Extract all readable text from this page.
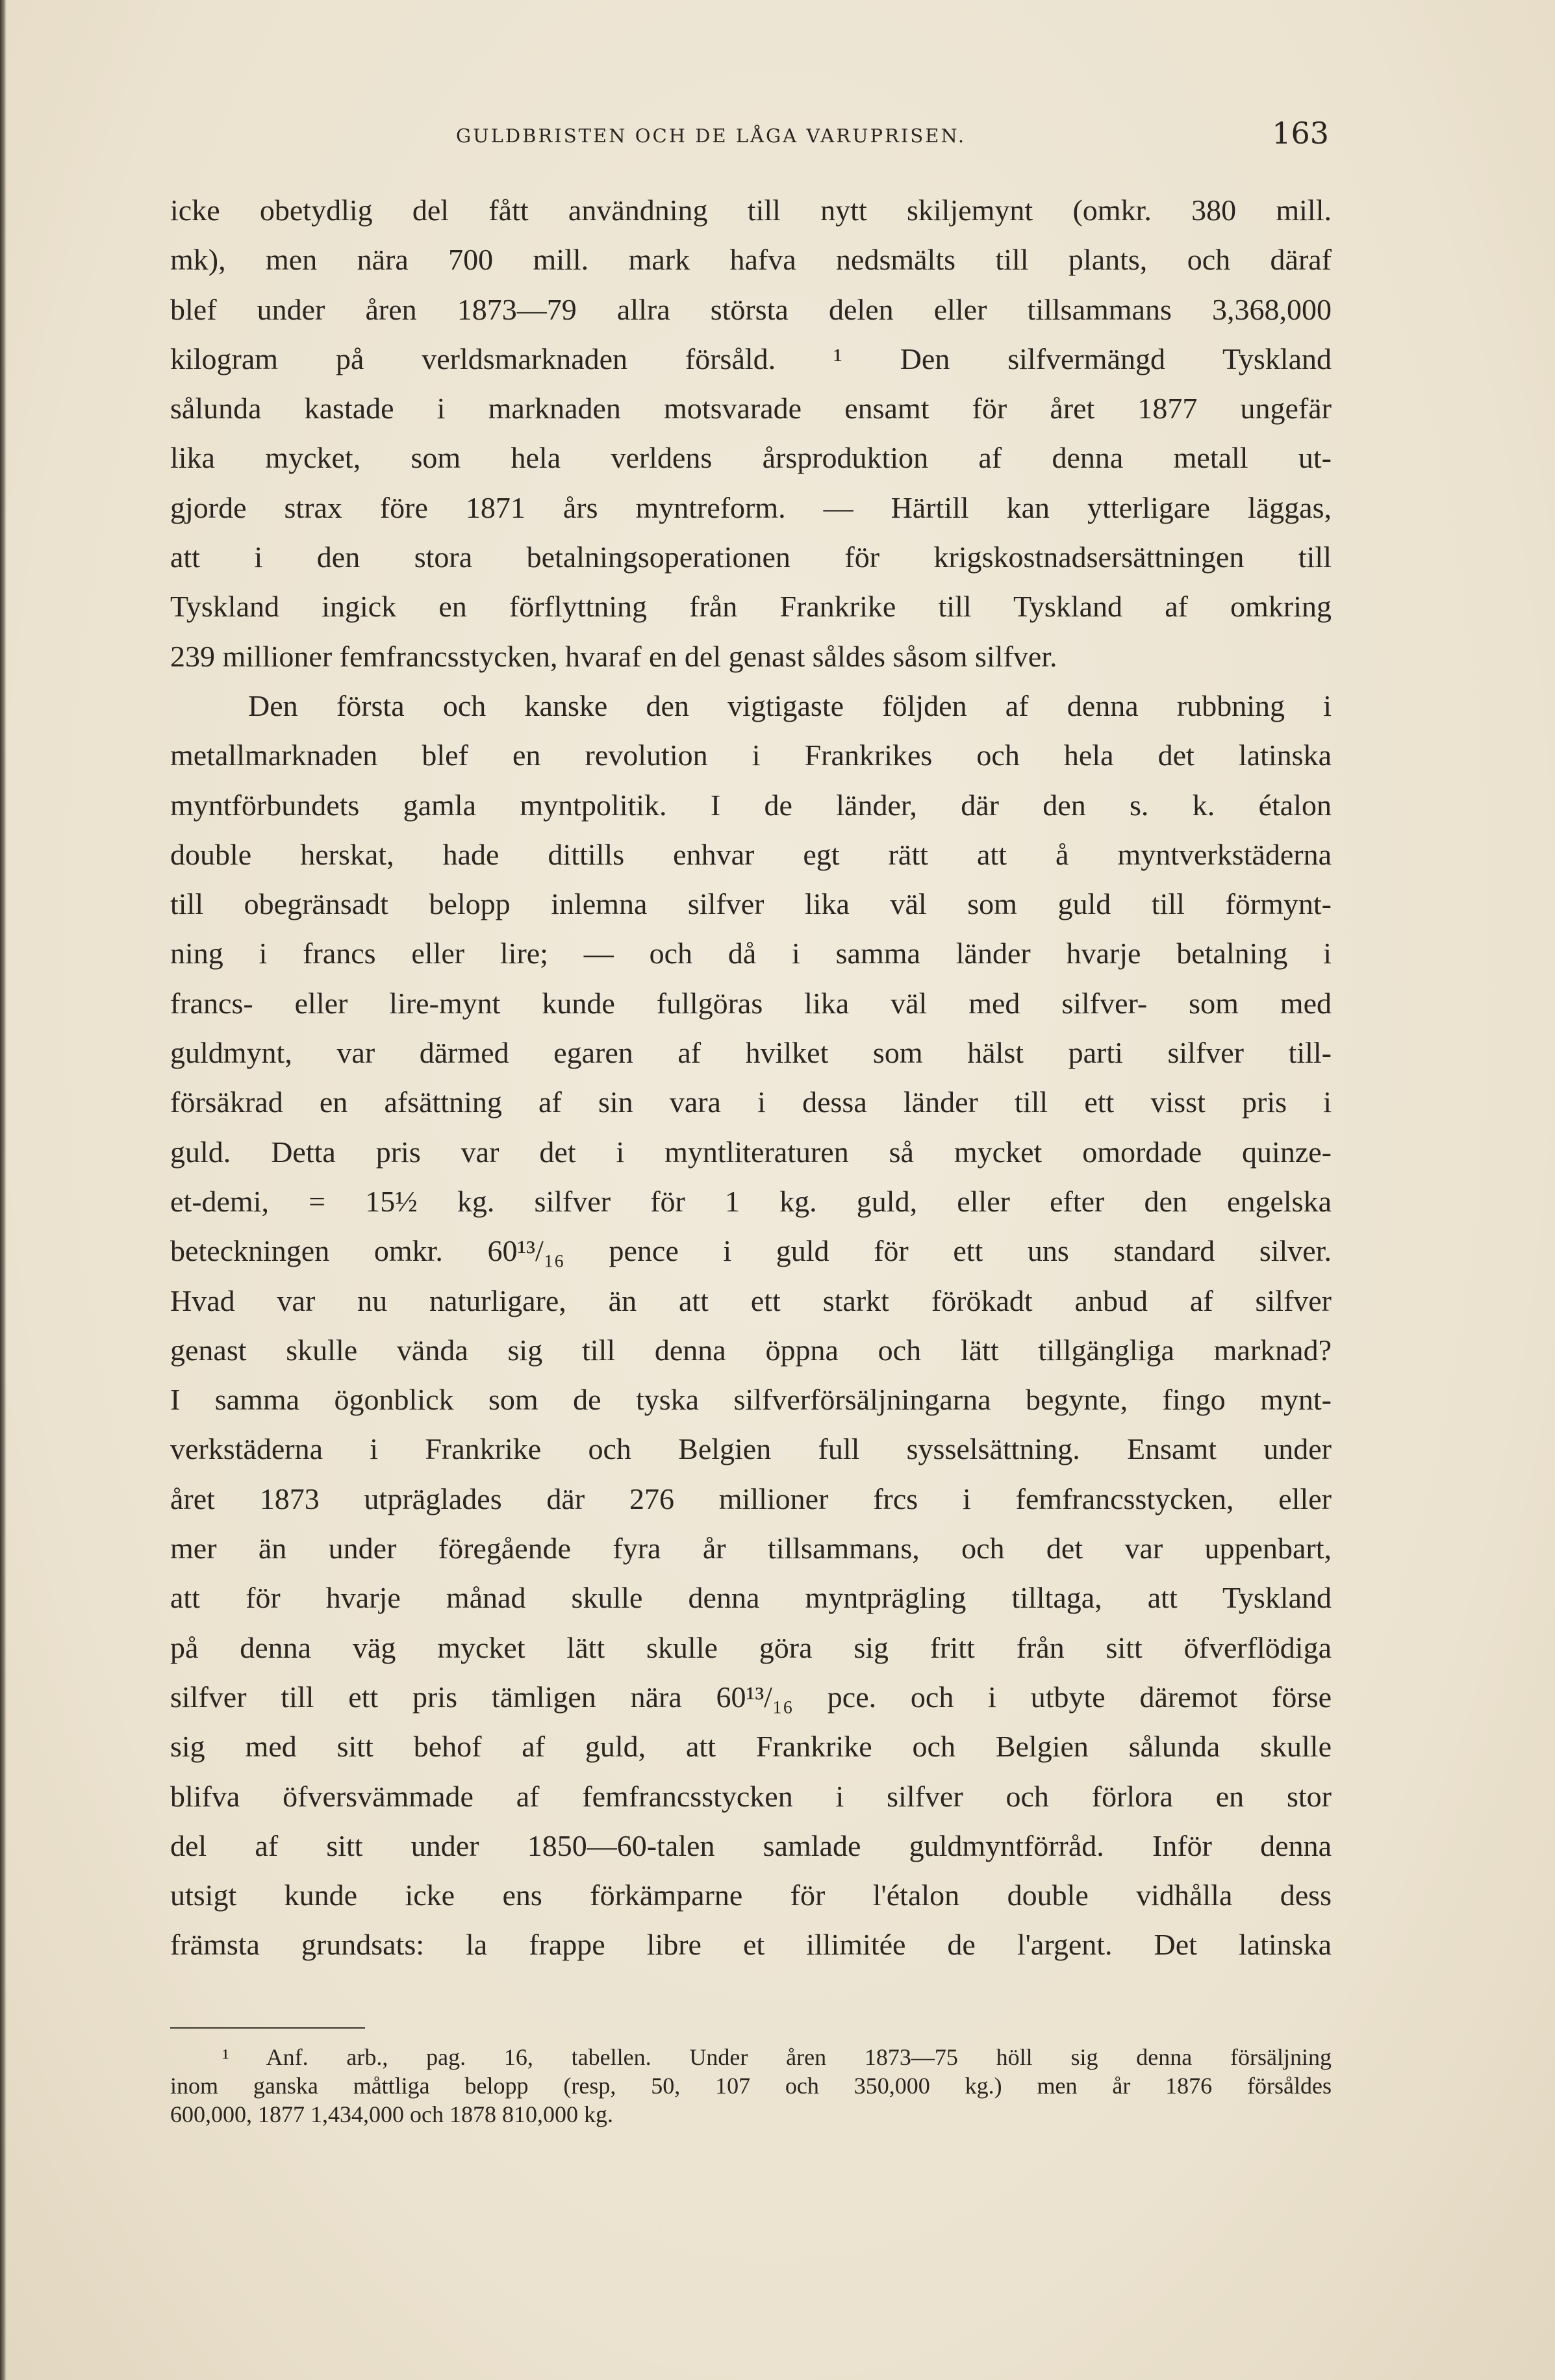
GULDBRISTEN OCH DE LÅGA VARUPRISEN.	163
icke obetydlig del fått användning till nytt skiljemynt (omkr. 380 mill.
mk), men nära 700 mill. mark hafva nedsmälts till plants, och däraf
blef under åren 1873—79 allra största delen eller tillsammans 3,368,000
kilogram på verldsmarknaden försåld. ¹ Den silfvermängd Tyskland
sålunda kastade i marknaden motsvarade ensamt för året 1877 ungefär
lika mycket, som hela verldens årsproduktion af denna metall ut-
gjorde strax före 1871 års myntreform. — Härtill kan ytterligare läggas,
att i den stora betalningsoperationen för krigskostnadsersättningen till
Tyskland ingick en förflyttning från Frankrike till Tyskland af omkring
239 millioner femfrancsstycken, hvaraf en del genast såldes såsom silfver.
Den första och kanske den vigtigaste följden af denna rubbning i
metallmarknaden blef en revolution i Frankrikes och hela det latinska
myntförbundets gamla myntpolitik. I de länder, där den s. k. étalon
double herskat, hade dittills enhvar egt rätt att å myntverkstäderna
till obegränsadt belopp inlemna silfver lika väl som guld till förmynt-
ning i francs eller lire; — och då i samma länder hvarje betalning i
francs- eller lire-mynt kunde fullgöras lika väl med silfver- som med
guldmynt, var därmed egaren af hvilket som hälst parti silfver till-
försäkrad en afsättning af sin vara i dessa länder till ett visst pris i
guld. Detta pris var det i myntliteraturen så mycket omordade quinze-
et-demi, = 15½ kg. silfver för 1 kg. guld, eller efter den engelska
beteckningen omkr. 60¹³/₁₆ pence i guld för ett uns standard silver.
Hvad var nu naturligare, än att ett starkt förökadt anbud af silfver
genast skulle vända sig till denna öppna och lätt tillgängliga marknad?
I samma ögonblick som de tyska silfverförsäljningarna begynte, fingo mynt-
verkstäderna i Frankrike och Belgien full sysselsättning. Ensamt under
året 1873 utpräglades där 276 millioner frcs i femfrancsstycken, eller
mer än under föregående fyra år tillsammans, och det var uppenbart,
att för hvarje månad skulle denna myntprägling tilltaga, att Tyskland
på denna väg mycket lätt skulle göra sig fritt från sitt öfverflödiga
silfver till ett pris tämligen nära 60¹³/₁₆ pce. och i utbyte däremot förse
sig med sitt behof af guld, att Frankrike och Belgien sålunda skulle
blifva öfversvämmade af femfrancsstycken i silfver och förlora en stor
del af sitt under 1850—60-talen samlade guldmyntförråd. Inför denna
utsigt kunde icke ens förkämparne för l'étalon double vidhålla dess
främsta grundsats: la frappe libre et illimitée de l'argent. Det latinska
¹ Anf. arb., pag. 16, tabellen. Under åren 1873—75 höll sig denna försäljning
inom ganska måttliga belopp (resp, 50, 107 och 350,000 kg.) men år 1876 försåldes
600,000, 1877 1,434,000 och 1878 810,000 kg.
